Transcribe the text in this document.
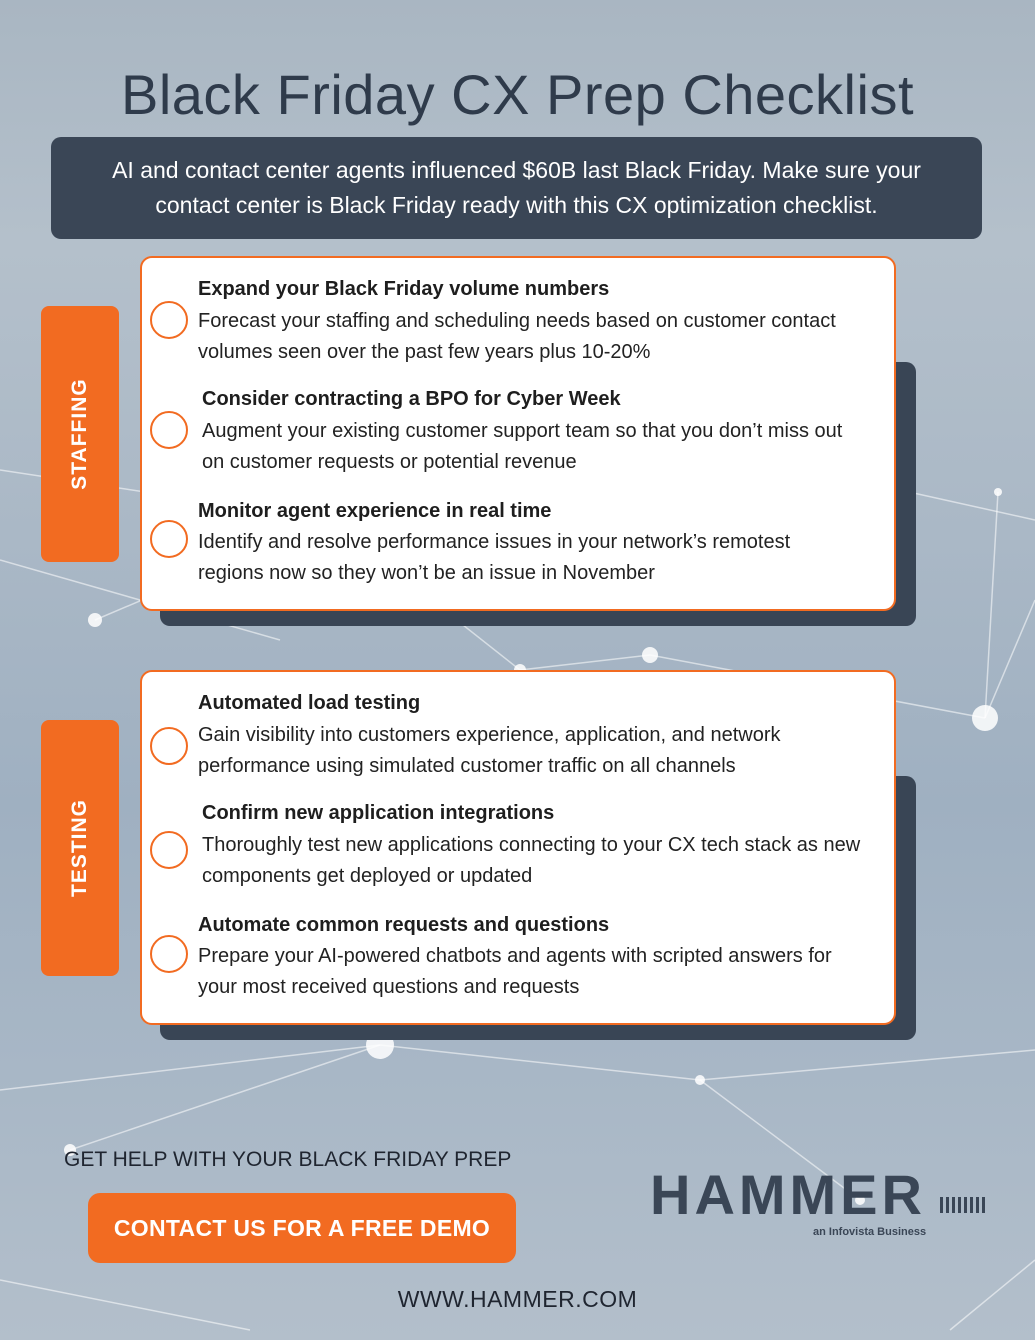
Black Friday CX Prep Checklist
AI and contact center agents influenced $60B last Black Friday. Make sure your contact center is Black Friday ready with this CX optimization checklist.
STAFFING
Expand your Black Friday volume numbers
Forecast your staffing and scheduling needs based on customer contact volumes seen over the past few years plus 10-20%
Consider contracting a BPO for Cyber Week
Augment your existing customer support team so that you don’t miss out on customer requests or potential revenue
Monitor agent experience in real time
Identify and resolve performance issues in your network’s remotest regions now so they won’t be an issue in November
TESTING
Automated load testing
Gain visibility into customers experience, application, and network performance using simulated customer traffic on all channels
Confirm new application integrations
Thoroughly test new applications connecting to your CX tech stack as new components get deployed or updated
Automate common requests and questions
Prepare your AI-powered chatbots and agents with scripted answers for your most received questions and requests
GET HELP WITH YOUR BLACK FRIDAY PREP
CONTACT US FOR A FREE DEMO
HAMMER
an Infovista Business
WWW.HAMMER.COM
